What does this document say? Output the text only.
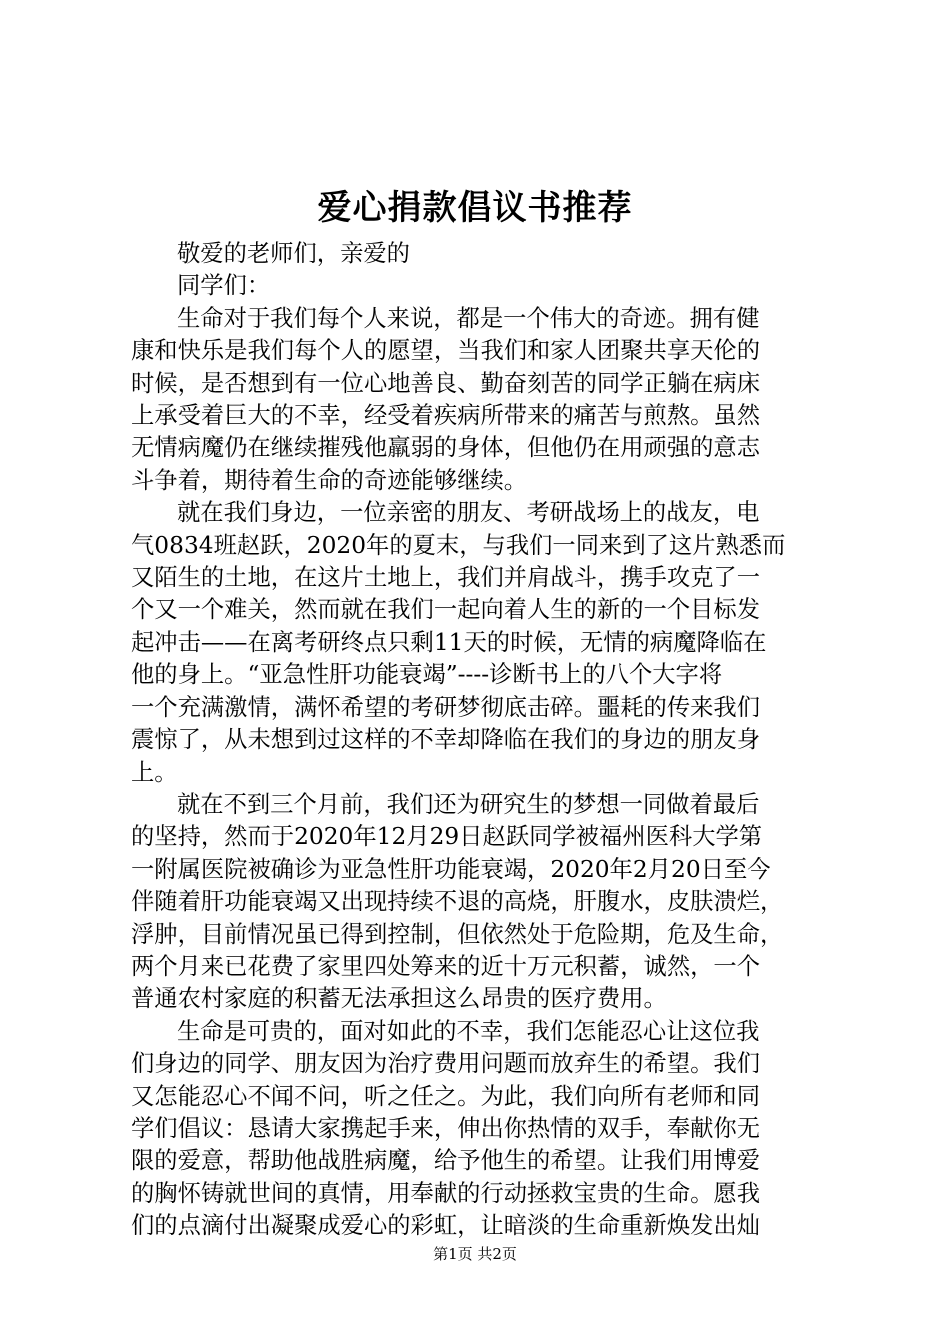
爱心捐款倡议书推荐
敬爱的老师们，亲爱的
同学们：
生命对于我们每个人来说，都是一个伟大的奇迹。拥有健
康和快乐是我们每个人的愿望，当我们和家人团聚共享天伦的
时候，是否想到有一位心地善良、勤奋刻苦的同学正躺在病床
上承受着巨大的不幸，经受着疾病所带来的痛苦与煎熬。虽然
无情病魔仍在继续摧残他羸弱的身体，但他仍在用顽强的意志
斗争着，期待着生命的奇迹能够继续。
就在我们身边，一位亲密的朋友、考研战场上的战友，电
气0834班赵跃，2020年的夏末，与我们一同来到了这片熟悉而
又陌生的土地，在这片土地上，我们并肩战斗，携手攻克了一
个又一个难关，然而就在我们一起向着人生的新的一个目标发
起冲击——在离考研终点只剩11天的时候，无情的病魔降临在
他的身上。“亚急性肝功能衰竭”----诊断书上的八个大字将
一个充满激情，满怀希望的考研梦彻底击碎。噩耗的传来我们
震惊了，从未想到过这样的不幸却降临在我们的身边的朋友身
上。
就在不到三个月前，我们还为研究生的梦想一同做着最后
的坚持，然而于2020年12月29日赵跃同学被福州医科大学第
一附属医院被确诊为亚急性肝功能衰竭，2020年2月20日至今
伴随着肝功能衰竭又出现持续不退的高烧，肝腹水，皮肤溃烂，
浮肿，目前情况虽已得到控制，但依然处于危险期，危及生命，
两个月来已花费了家里四处筹来的近十万元积蓄，诚然，一个
普通农村家庭的积蓄无法承担这么昂贵的医疗费用。
生命是可贵的，面对如此的不幸，我们怎能忍心让这位我
们身边的同学、朋友因为治疗费用问题而放弃生的希望。我们
又怎能忍心不闻不问，听之任之。为此，我们向所有老师和同
学们倡议：恳请大家携起手来，伸出你热情的双手，奉献你无
限的爱意，帮助他战胜病魔，给予他生的希望。让我们用博爱
的胸怀铸就世间的真情，用奉献的行动拯救宝贵的生命。愿我
们的点滴付出凝聚成爱心的彩虹，让暗淡的生命重新焕发出灿
第1页 共2页
